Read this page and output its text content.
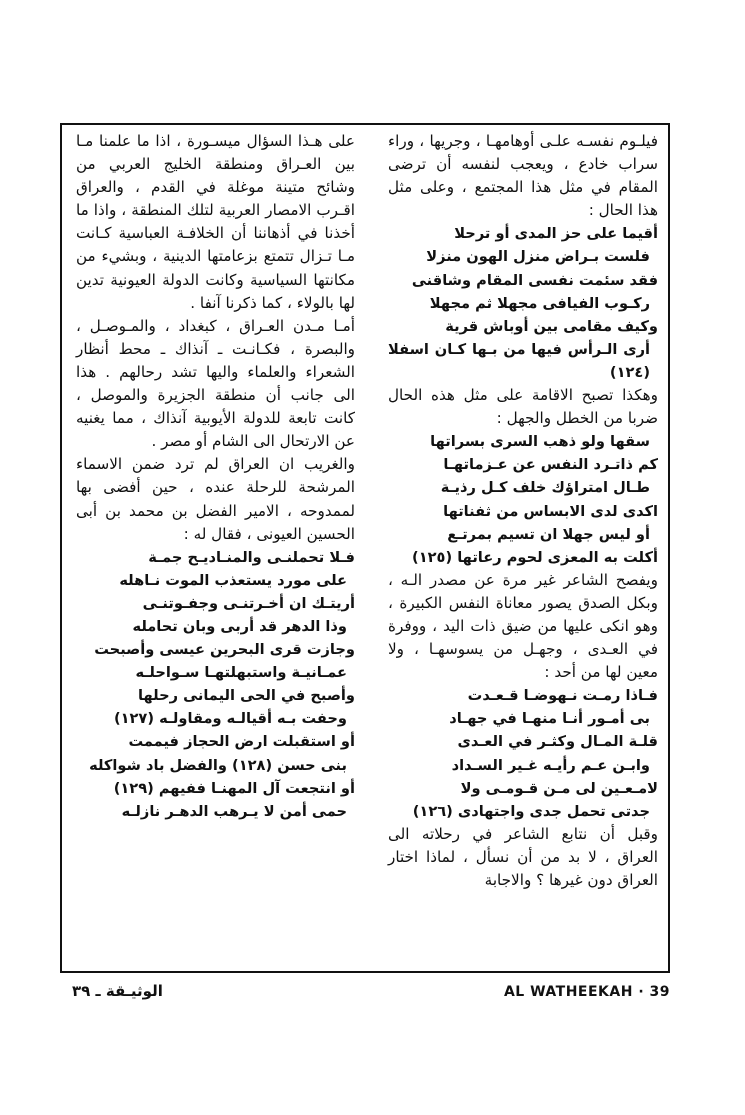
فيلـوم نفسـه علـى أوهامهـا ، وجريها ، وراء سراب خادع ، ويعجب لنفسه أن ترضى المقام في مثل هذا المجتمع ، وعلى مثل هذا الحال :

أقيما على حز المدى أو ترحلا
فلست بـراض منزل الهون منزلا
فقد سئمت نفسى المقام وشاقنى
ركـوب الفيافى مجهلا ثم مجهلا
وكيف مقامى بين أوباش قرية
أرى الـرأس فيها من بـها كـان اسفلا (١٢٤)

وهكذا تصبح الاقامة على مثل هذه الحال ضربا من الخطل والجهل :

سقها ولو ذهب السرى بسراتها
كم ذاتـرد النفس عن عـزماتهـا
طـال امتراؤك خلف كـل رذيـة
اكدى لدى الابساس من ثفناتها
أو ليس جهلا ان تسيم بمرتـع
أكلت به المعزى لحوم رعاتها (١٢٥)

ويفصح الشاعر غير مرة عن مصدر الـه ، وبكل الصدق يصور معاناة النفس الكبيرة ، وهو انكى عليها من ضيق ذات اليد ، ووفرة في العـدى ، وجهـل من يسوسهـا ، ولا معين لها من أحد :

فـاذا رمـت نـهوضـا قـعـدت
بى أمـور أنـا منهـا في جهـاد
قلـة المـال وكثـر في العـدى
وابـن عـم رأيـه غـير السـداد
لامـعـين لى مـن قـومـى ولا
جدتى تحمل جدى واجتهادى (١٢٦)

وقبل أن نتابع الشاعر في رحلاته الى العراق ، لا بد من أن نسأل ، لماذا اختار العراق دون غيرها ؟ والاجابة

على هـذا السؤال ميسـورة ، اذا ما علمنا مـا بين العـراق ومنطقة الخليج العربي من وشائح متينة موغلة في القدم ، والعراق اقـرب الامصار العربية لتلك المنطقة ، واذا ما أخذنا في أذهاننا أن الخلافـة العباسية كـانت مـا تـزال تتمتع بزعامتها الدينية ، وبشيء من مكانتها السياسية وكانت الدولة العيونية تدين لها بالولاء ، كما ذكرنا آنفا .

أمـا مـدن العـراق ، كبغداد ، والمـوصـل ، والبصرة ، فكـانـت ـ آنذاك ـ محط أنظار الشعراء والعلماء واليها تشد رحالهم . هذا الى جانب أن منطقة الجزيرة والموصل ، كانت تابعة للدولة الأيوبية آنذاك ، مما يغنيه عن الارتحال الى الشام أو مصر .

والغريب ان العراق لم ترد ضمن الاسماء المرشحة للرحلة عنده ، حين أفضى بها لممدوحه ، الامير الفضل بن محمد بن أبى الحسين العيونى ، فقال له :

فـلا تحملنـى والمنـاديـح جمـة
على مورد يستعذب الموت نـاهله
أريتـك ان أخـرتنـى وجفـوتنـى
وذا الدهر قد أربى وبان تحامله
وجازت قرى البحرين عيسى وأصبحت
عمـانيـة واستبهلتهـا سـواحلـه
وأصبح في الحى اليمانى رحلها
وحفت بـه أقيالـه ومقاولـه (١٢٧)
أو استقبلت ارض الحجاز فيممت
بنى حسن (١٢٨) والفضل باد شواكله
أو انتجعت آل المهنـا ففيهم (١٢٩)
حمى أمن لا يـرهب الدهـر نازلـه
الوثيـقة ـ ٣٩	AL WATHEEKAH · 39
